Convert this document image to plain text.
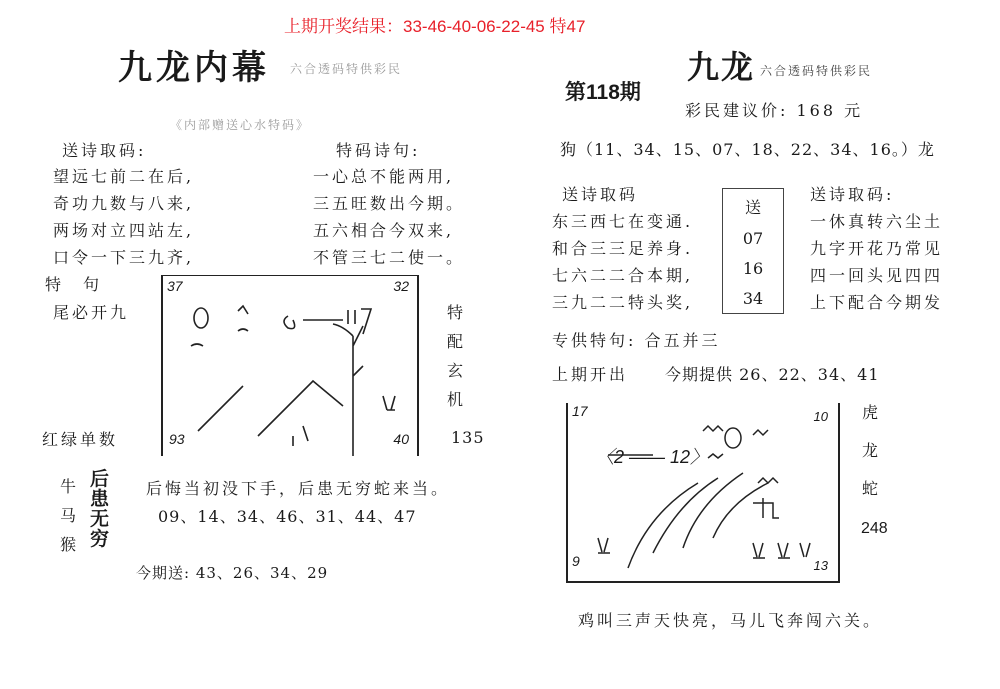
上期开奖结果：33-46-40-06-22-45 特47
九龙内幕 六合透码特供彩民
《内部赠送心水特码》
送诗取码:
望远七前二在后,
奇功九数与八来,
两场对立四站左,
口令一下三九齐,
特码诗句:
一心总不能两用,
三五旺数出今期。
五六相合今双来,
不管三七二使一。
特　句
尾必开九
红绿单数
37	32
93	40
特
配
玄
机
135
牛
马
猴
后
患
无
穷
后悔当初没下手，后患无穷蛇来当。
09、14、34、46、31、44、47
今期送: 43、26、34、29
第118期
九龙 六合透码特供彩民
彩民建议价: 168 元
狗（11、34、15、07、18、22、34、16。）龙
送诗取码
东三西七在变通.
和合三三足养身.
七六二二合本期,
三九二二特头奖,
送
07
16
34
送诗取码:
一休真转六尘土
九字开花乃常见
四一回头见四四
上下配合今期发
专供特句: 合五并三
上期开出 今期提供 26、22、34、41
17	10
9	13
〈2 —— 12〉
虎
龙
蛇
248
鸡叫三声天快亮，马儿飞奔闯六关。
